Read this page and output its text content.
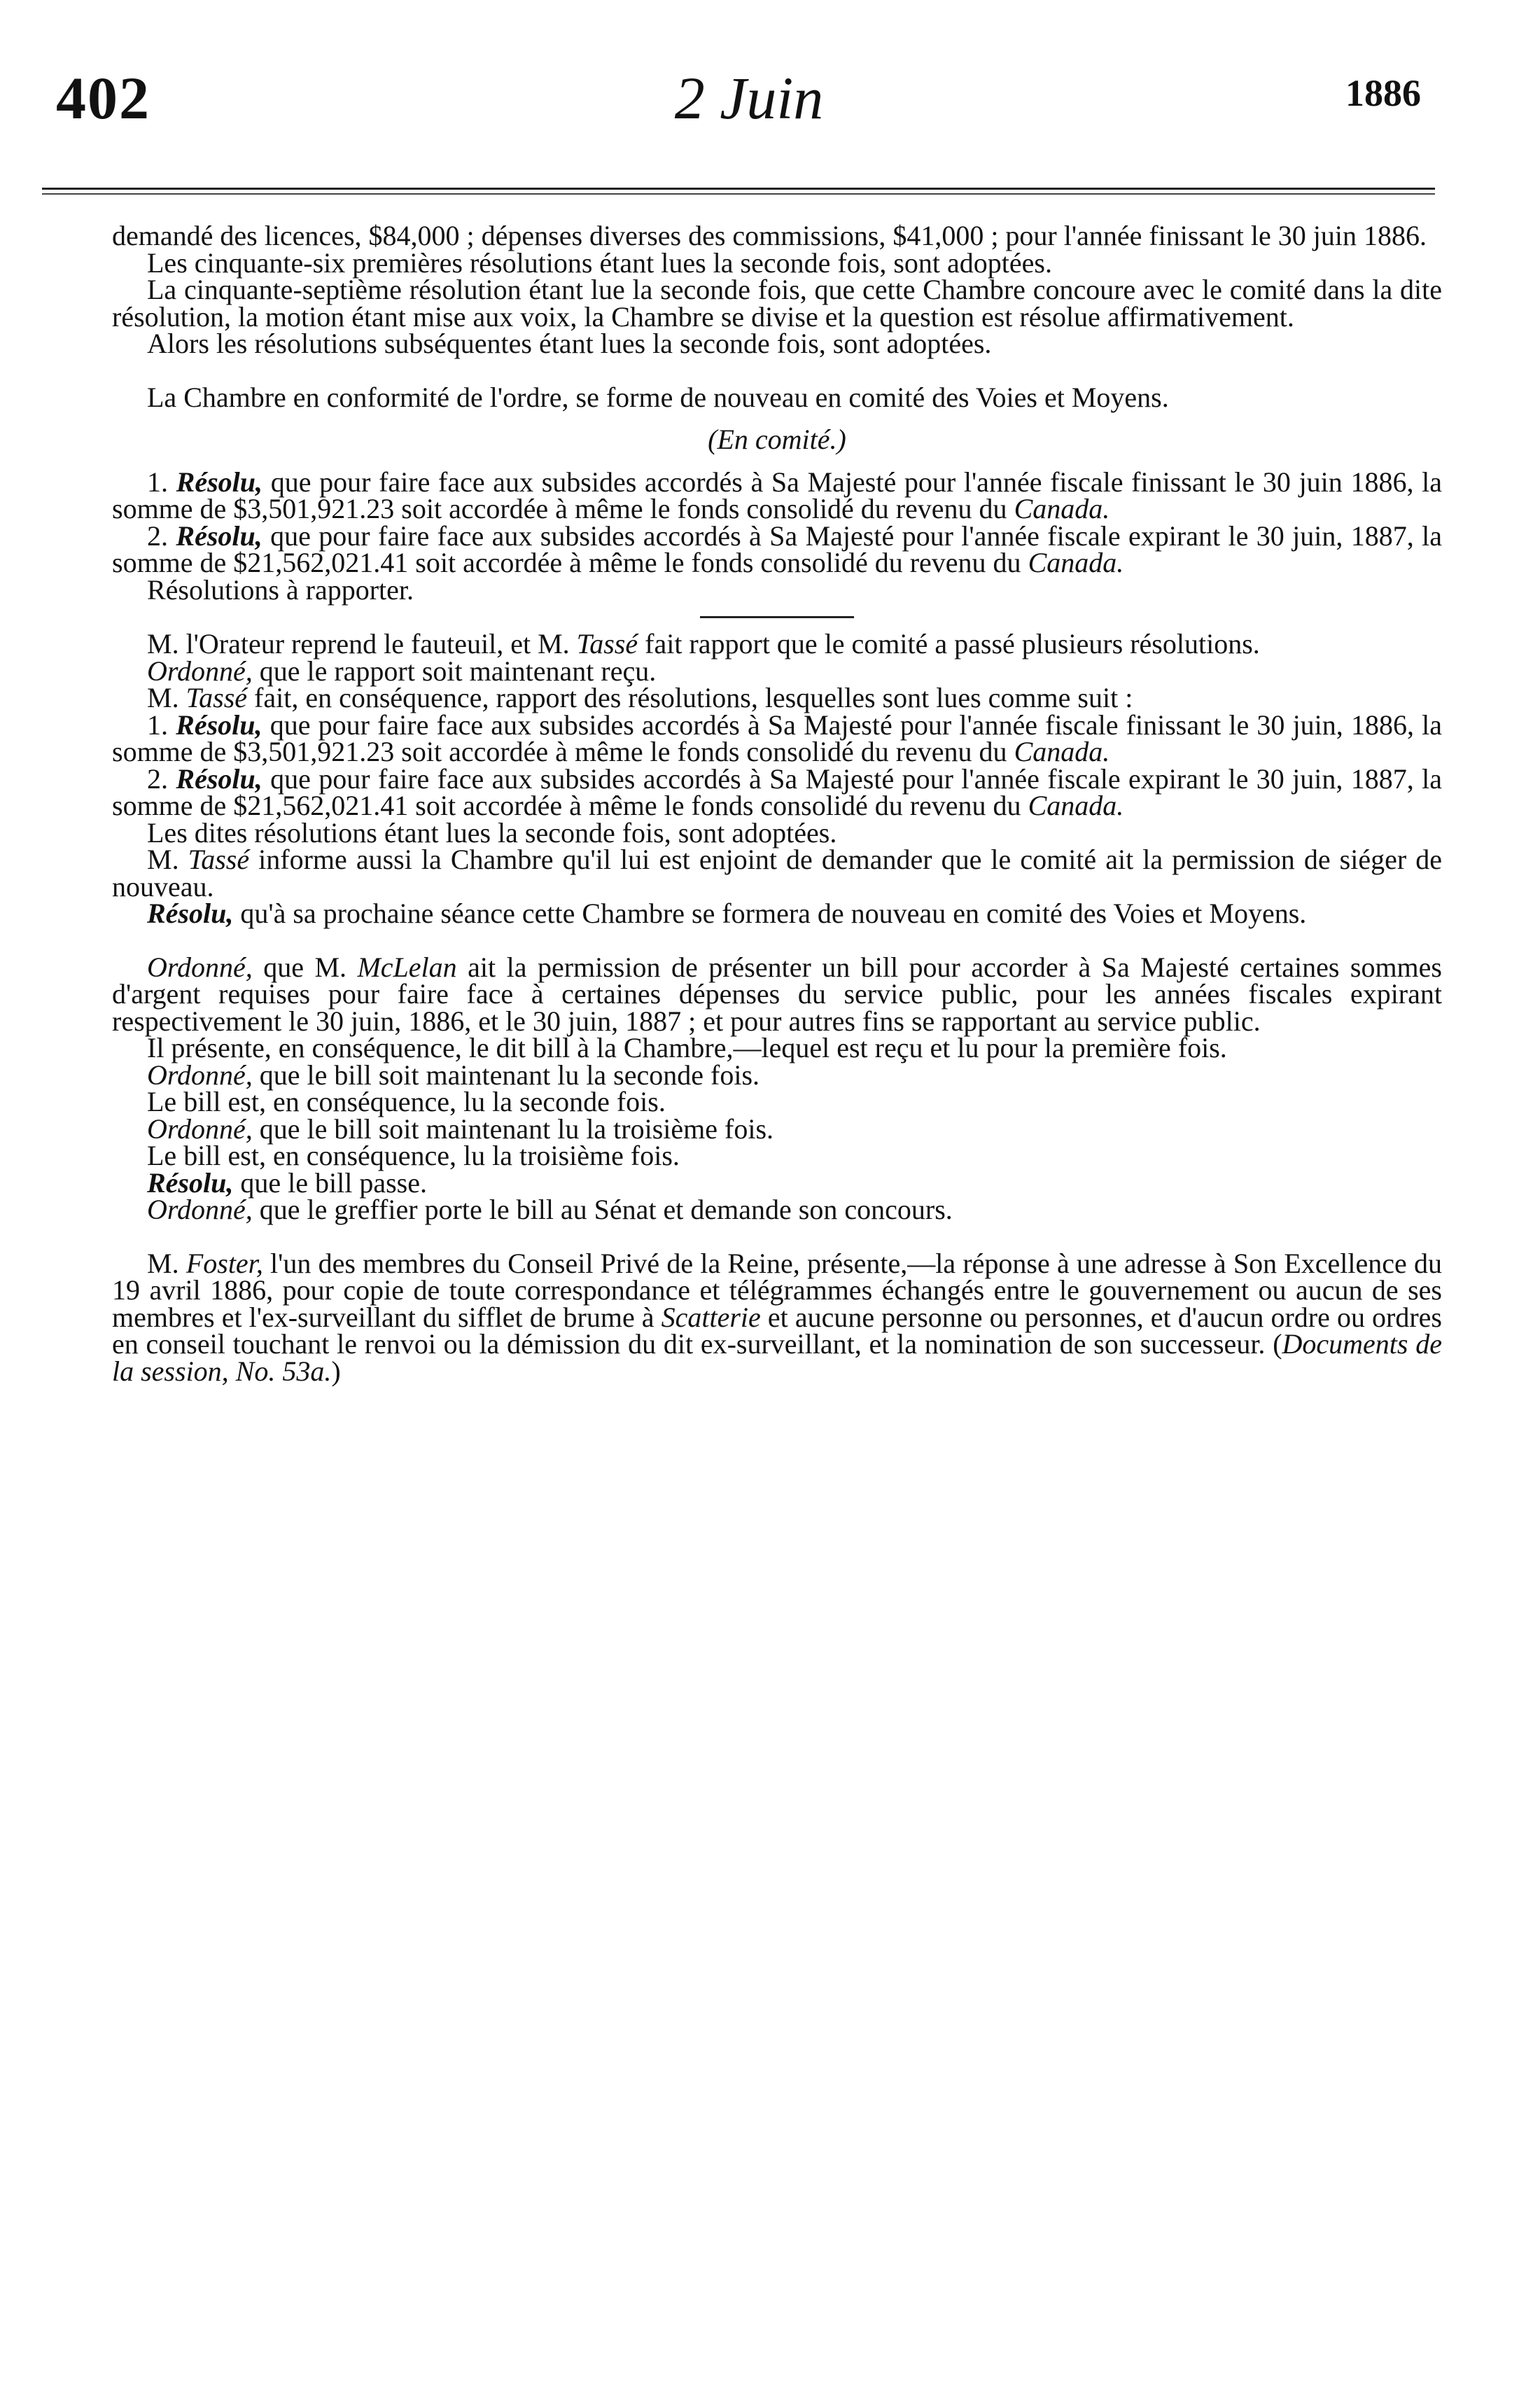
402	2 Juin	1886

demandé des licences, $84,000 ; dépenses diverses des commissions, $41,000 ; pour l'année finissant le 30 juin 1886.

Les cinquante-six premières résolutions étant lues la seconde fois, sont adoptées.

La cinquante-septième résolution étant lue la seconde fois, que cette Chambre concoure avec le comité dans la dite résolution, la motion étant mise aux voix, la Chambre se divise et la question est résolue affirmativement.

Alors les résolutions subséquentes étant lues la seconde fois, sont adoptées.

La Chambre en conformité de l'ordre, se forme de nouveau en comité des Voies et Moyens.

(En comité.)

1. Résolu, que pour faire face aux subsides accordés à Sa Majesté pour l'année fiscale finissant le 30 juin 1886, la somme de $3,501,921.23 soit accordée à même le fonds consolidé du revenu du Canada.

2. Résolu, que pour faire face aux subsides accordés à Sa Majesté pour l'année fiscale expirant le 30 juin, 1887, la somme de $21,562,021.41 soit accordée à même le fonds consolidé du revenu du Canada.

Résolutions à rapporter.

M. l'Orateur reprend le fauteuil, et M. Tassé fait rapport que le comité a passé plusieurs résolutions.

Ordonné, que le rapport soit maintenant reçu.

M. Tassé fait, en conséquence, rapport des résolutions, lesquelles sont lues comme suit :

1. Résolu, que pour faire face aux subsides accordés à Sa Majesté pour l'année fiscale finissant le 30 juin, 1886, la somme de $3,501,921.23 soit accordée à même le fonds consolidé du revenu du Canada.

2. Résolu, que pour faire face aux subsides accordés à Sa Majesté pour l'année fiscale expirant le 30 juin, 1887, la somme de $21,562,021.41 soit accordée à même le fonds consolidé du revenu du Canada.

Les dites résolutions étant lues la seconde fois, sont adoptées.

M. Tassé informe aussi la Chambre qu'il lui est enjoint de demander que le comité ait la permission de siéger de nouveau.

Résolu, qu'à sa prochaine séance cette Chambre se formera de nouveau en comité des Voies et Moyens.

Ordonné, que M. McLelan ait la permission de présenter un bill pour accorder à Sa Majesté certaines sommes d'argent requises pour faire face à certaines dépenses du service public, pour les années fiscales expirant respectivement le 30 juin, 1886, et le 30 juin, 1887 ; et pour autres fins se rapportant au service public.

Il présente, en conséquence, le dit bill à la Chambre,—lequel est reçu et lu pour la première fois.

Ordonné, que le bill soit maintenant lu la seconde fois.

Le bill est, en conséquence, lu la seconde fois.

Ordonné, que le bill soit maintenant lu la troisième fois.

Le bill est, en conséquence, lu la troisième fois.

Résolu, que le bill passe.

Ordonné, que le greffier porte le bill au Sénat et demande son concours.

M. Foster, l'un des membres du Conseil Privé de la Reine, présente,—la réponse à une adresse à Son Excellence du 19 avril 1886, pour copie de toute correspondance et télégrammes échangés entre le gouvernement ou aucun de ses membres et l'ex-surveillant du sifflet de brume à Scatterie et aucune personne ou personnes, et d'aucun ordre ou ordres en conseil touchant le renvoi ou la démission du dit ex-surveillant, et la nomination de son successeur. (Documents de la session, No. 53a.)
